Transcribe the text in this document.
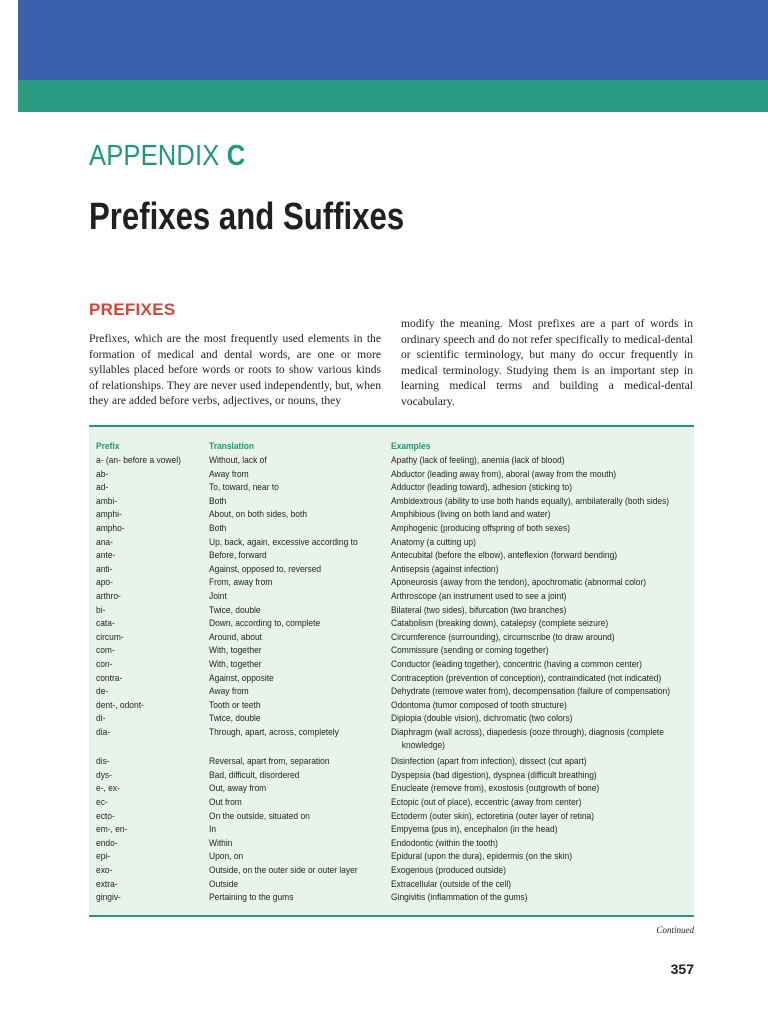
APPENDIX C
Prefixes and Suffixes
PREFIXES

Prefixes, which are the most frequently used elements in the formation of medical and dental words, are one or more syllables placed before words or roots to show various kinds of relationships. They are never used independently, but, when they are added before verbs, adjectives, or nouns, they

modify the meaning. Most prefixes are a part of words in ordinary speech and do not refer specifically to medical-dental or scientific terminology, but many do occur frequently in medical terminology. Studying them is an important step in learning medical terms and building a medical-dental vocabulary.

Prefix	Translation	Examples
a- (an- before a vowel)	Without, lack of	Apathy (lack of feeling), anemia (lack of blood)
ab-	Away from	Abductor (leading away from), aboral (away from the mouth)
ad-	To, toward, near to	Adductor (leading toward), adhesion (sticking to)
ambi-	Both	Ambidextrous (ability to use both hands equally), ambilaterally (both sides)
amphi-	About, on both sides, both	Amphibious (living on both land and water)
ampho-	Both	Amphogenic (producing offspring of both sexes)
ana-	Up, back, again, excessive according to	Anatomy (a cutting up)
ante-	Before, forward	Antecubital (before the elbow), anteflexion (forward bending)
anti-	Against, opposed to, reversed	Antisepsis (against infection)
apo-	From, away from	Aponeurosis (away from the tendon), apochromatic (abnormal color)
arthro-	Joint	Arthroscope (an instrument used to see a joint)
bi-	Twice, double	Bilateral (two sides), bifurcation (two branches)
cata-	Down, according to, complete	Catabolism (breaking down), catalepsy (complete seizure)
circum-	Around, about	Circumference (surrounding), circumscribe (to draw around)
com-	With, together	Commissure (sending or coming together)
con-	With, together	Conductor (leading together), concentric (having a common center)
contra-	Against, opposite	Contraception (prevention of conception), contraindicated (not indicated)
de-	Away from	Dehydrate (remove water from), decompensation (failure of compensation)
dent-, odont-	Tooth or teeth	Odontoma (tumor composed of tooth structure)
di-	Twice, double	Diplopia (double vision), dichromatic (two colors)
dia-	Through, apart, across, completely	Diaphragm (wall across), diapedesis (ooze through), diagnosis (complete
knowledge)
dis-	Reversal, apart from, separation	Disinfection (apart from infection), dissect (cut apart)
dys-	Bad, difficult, disordered	Dyspepsia (bad digestion), dyspnea (difficult breathing)
e-, ex-	Out, away from	Enucleate (remove from), exostosis (outgrowth of bone)
ec-	Out from	Ectopic (out of place), eccentric (away from center)
ecto-	On the outside, situated on	Ectoderm (outer skin), ectoretina (outer layer of retina)
em-, en-	In	Empyema (pus in), encephalon (in the head)
endo-	Within	Endodontic (within the tooth)
epi-	Upon, on	Epidural (upon the dura), epidermis (on the skin)
exo-	Outside, on the outer side or outer layer	Exogenous (produced outside)
extra-	Outside	Extracellular (outside of the cell)
gingiv-	Pertaining to the gums	Gingivitis (inflammation of the gums)
Continued
357
